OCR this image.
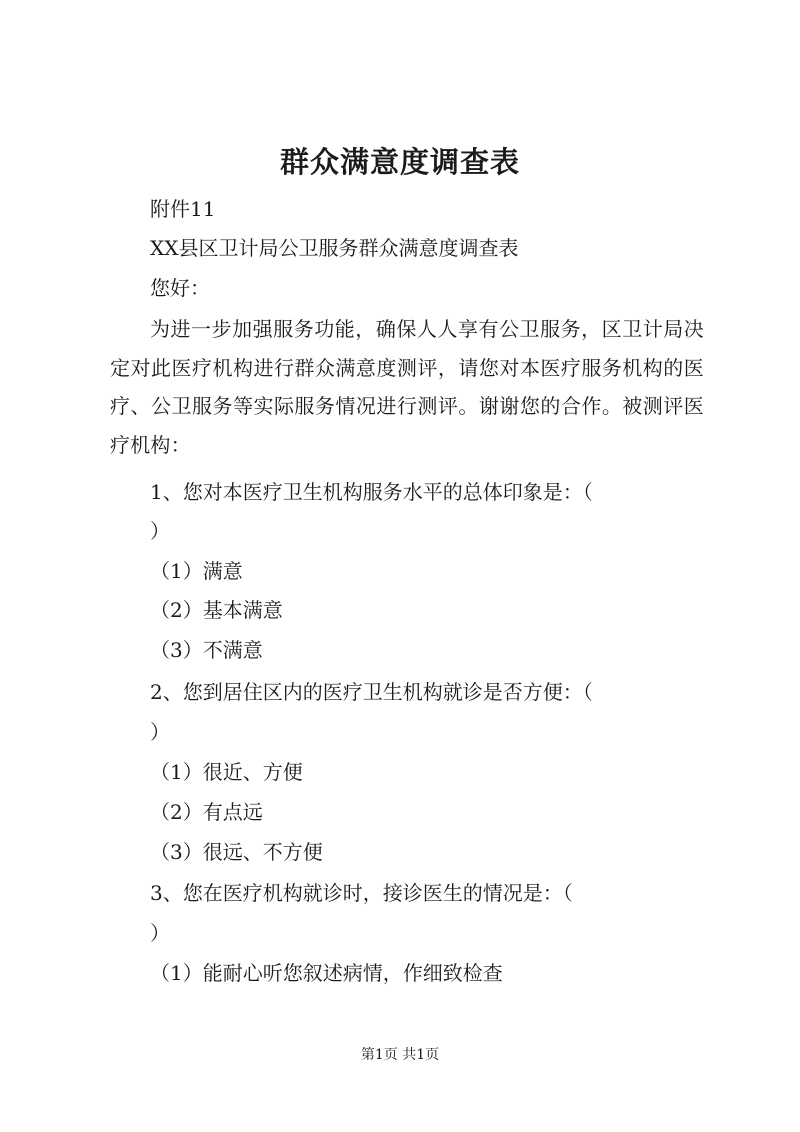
群众满意度调查表
附件11
XX县区卫计局公卫服务群众满意度调查表
您好：
为进一步加强服务功能，确保人人享有公卫服务，区卫计局决定对此医疗机构进行群众满意度测评，请您对本医疗服务机构的医疗、公卫服务等实际服务情况进行测评。谢谢您的合作。被测评医疗机构：
1、您对本医疗卫生机构服务水平的总体印象是：（
）
（1）满意
（2）基本满意
（3）不满意
2、您到居住区内的医疗卫生机构就诊是否方便：（
）
（1）很近、方便
（2）有点远
（3）很远、不方便
3、您在医疗机构就诊时，接诊医生的情况是：（
）
（1）能耐心听您叙述病情，作细致检查
第1页 共1页
